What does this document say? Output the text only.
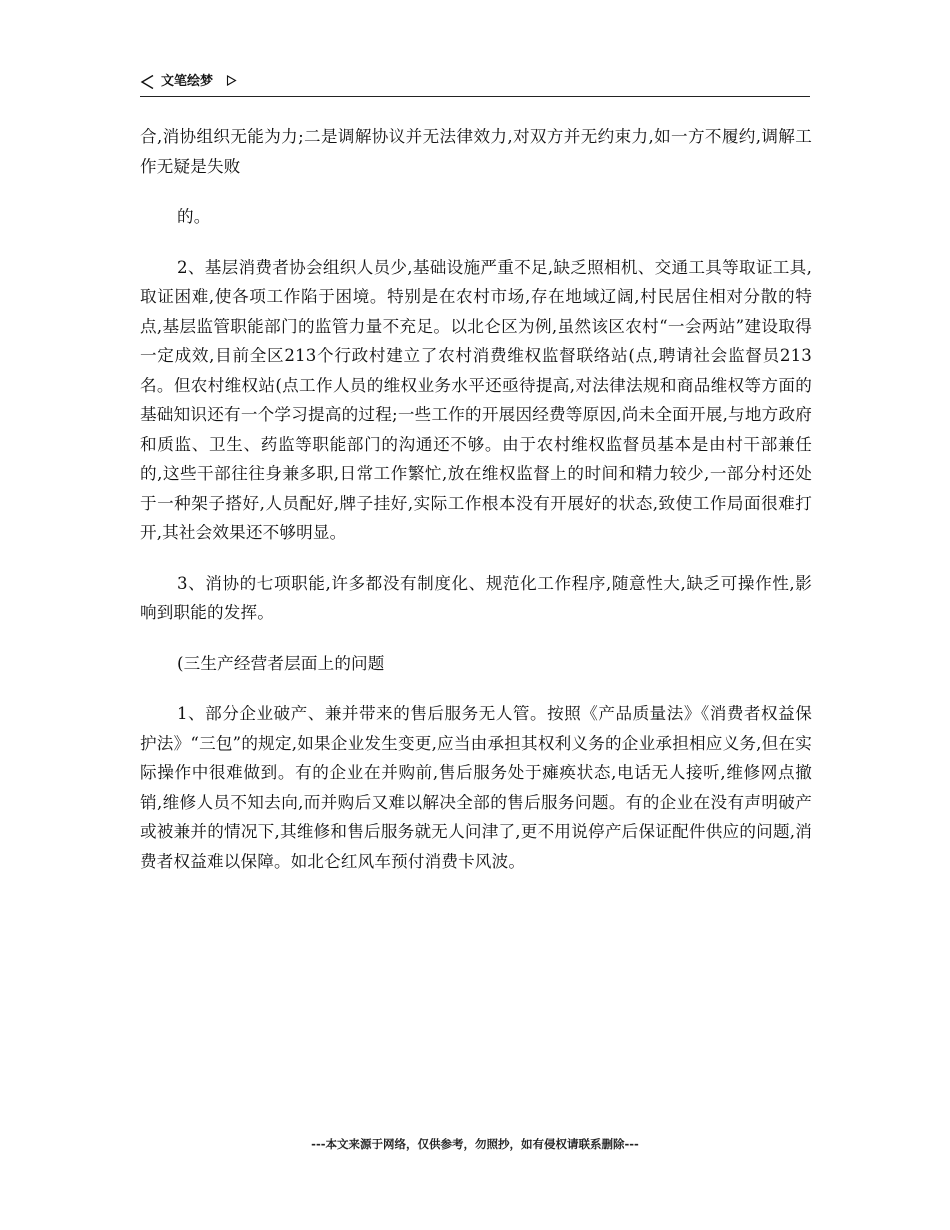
文笔绘梦

合,消协组织无能为力;二是调解协议并无法律效力,对双方并无约束力,如一方不履约,调解工作无疑是失败

的。

2、基层消费者协会组织人员少,基础设施严重不足,缺乏照相机、交通工具等取证工具,取证困难,使各项工作陷于困境。特别是在农村市场,存在地域辽阔,村民居住相对分散的特点,基层监管职能部门的监管力量不充足。以北仑区为例,虽然该区农村“一会两站”建设取得一定成效,目前全区213个行政村建立了农村消费维权监督联络站(点,聘请社会监督员213名。但农村维权站(点工作人员的维权业务水平还亟待提高,对法律法规和商品维权等方面的基础知识还有一个学习提高的过程;一些工作的开展因经费等原因,尚未全面开展,与地方政府和质监、卫生、药监等职能部门的沟通还不够。由于农村维权监督员基本是由村干部兼任的,这些干部往往身兼多职,日常工作繁忙,放在维权监督上的时间和精力较少,一部分村还处于一种架子搭好,人员配好,牌子挂好,实际工作根本没有开展好的状态,致使工作局面很难打开,其社会效果还不够明显。

3、消协的七项职能,许多都没有制度化、规范化工作程序,随意性大,缺乏可操作性,影响到职能的发挥。

(三生产经营者层面上的问题

1、部分企业破产、兼并带来的售后服务无人管。按照《产品质量法》《消费者权益保护法》“三包”的规定,如果企业发生变更,应当由承担其权利义务的企业承担相应义务,但在实际操作中很难做到。有的企业在并购前,售后服务处于瘫痪状态,电话无人接听,维修网点撤销,维修人员不知去向,而并购后又难以解决全部的售后服务问题。有的企业在没有声明破产或被兼并的情况下,其维修和售后服务就无人问津了,更不用说停产后保证配件供应的问题,消费者权益难以保障。如北仑红风车预付消费卡风波。

---本文来源于网络，仅供参考，勿照抄，如有侵权请联系删除---
